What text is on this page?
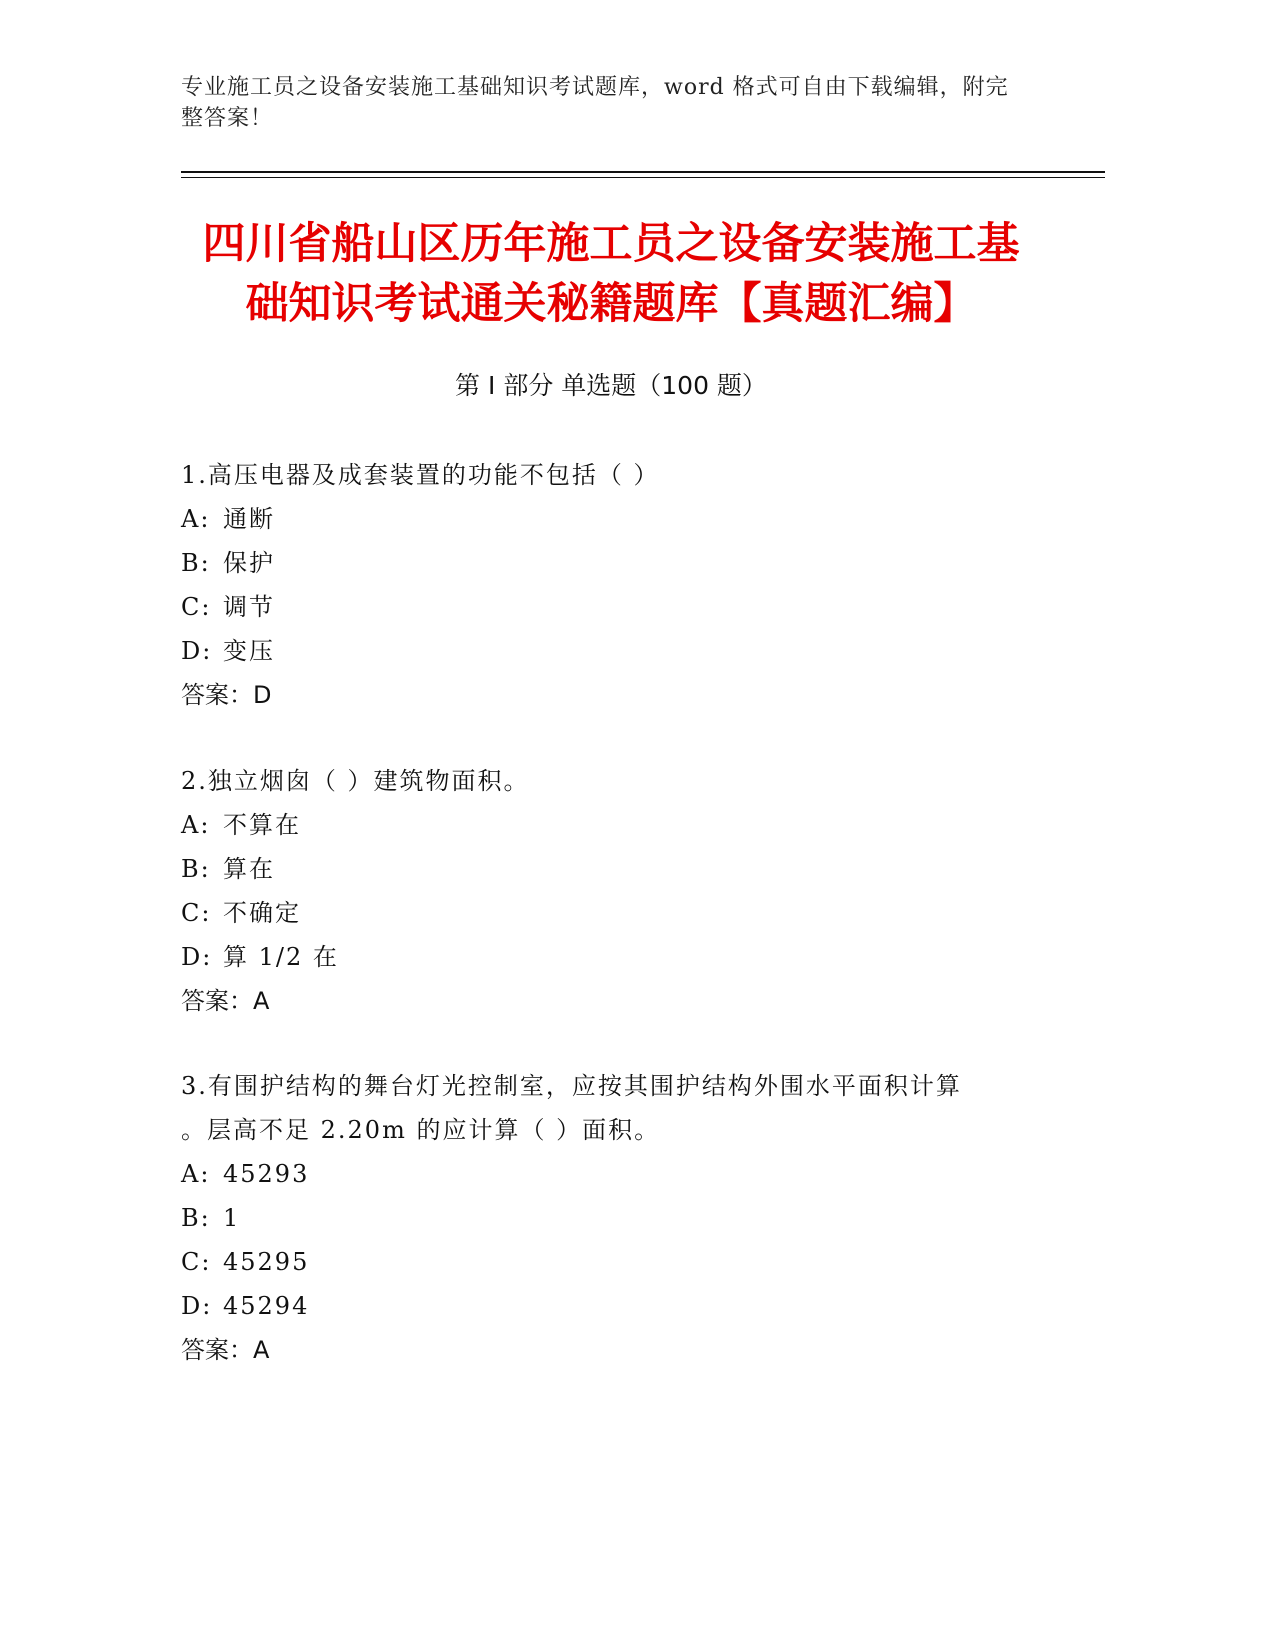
专业施工员之设备安装施工基础知识考试题库，word 格式可自由下载编辑，附完
整答案！
四川省船山区历年施工员之设备安装施工基
础知识考试通关秘籍题库【真题汇编】
第 I 部分 单选题（100 题）
1.高压电器及成套装置的功能不包括（ ）
A: 通断
B: 保护
C: 调节
D: 变压
答案：D
2.独立烟囱（ ）建筑物面积。
A: 不算在
B: 算在
C: 不确定
D: 算 1/2 在
答案：A
3.有围护结构的舞台灯光控制室，应按其围护结构外围水平面积计算
。层高不足 2.20m 的应计算（ ）面积。
A: 45293
B: 1
C: 45295
D: 45294
答案：A
